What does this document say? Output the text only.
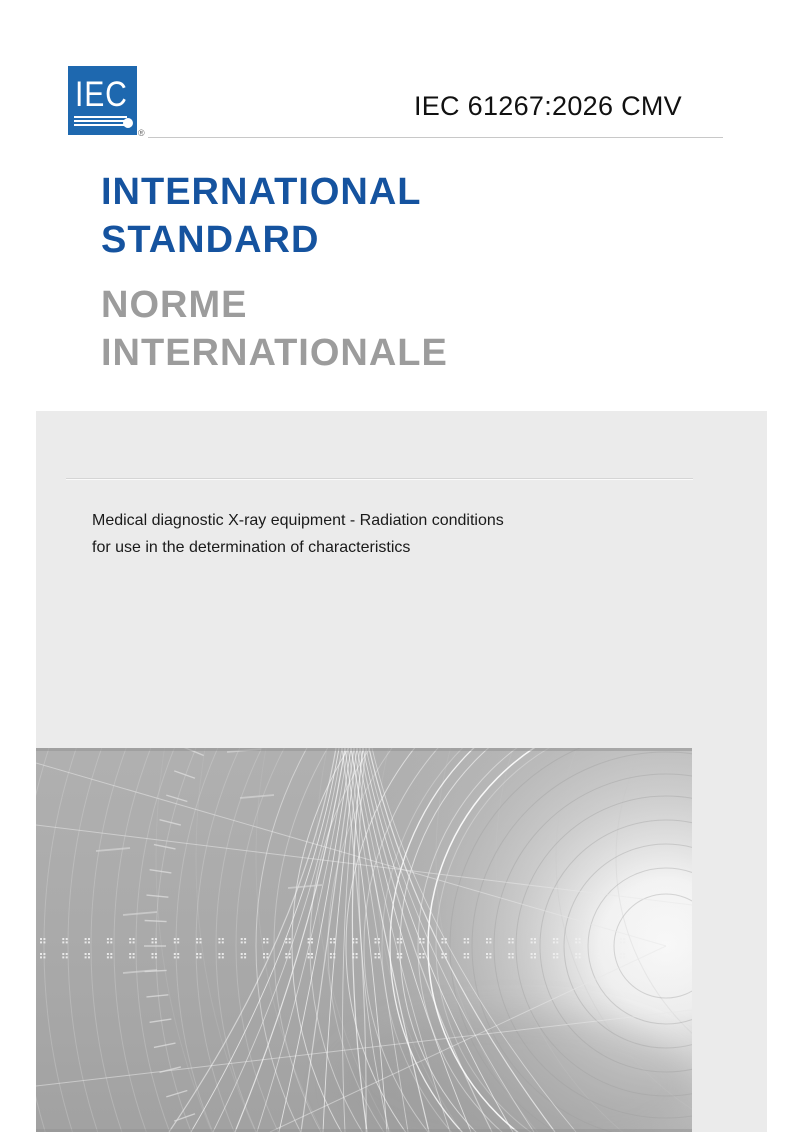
IEC
®
IEC 61267:2026 CMV
INTERNATIONAL
STANDARD
NORME
INTERNATIONALE
Medical diagnostic X-ray equipment - Radiation conditions
for use in the determination of characteristics
